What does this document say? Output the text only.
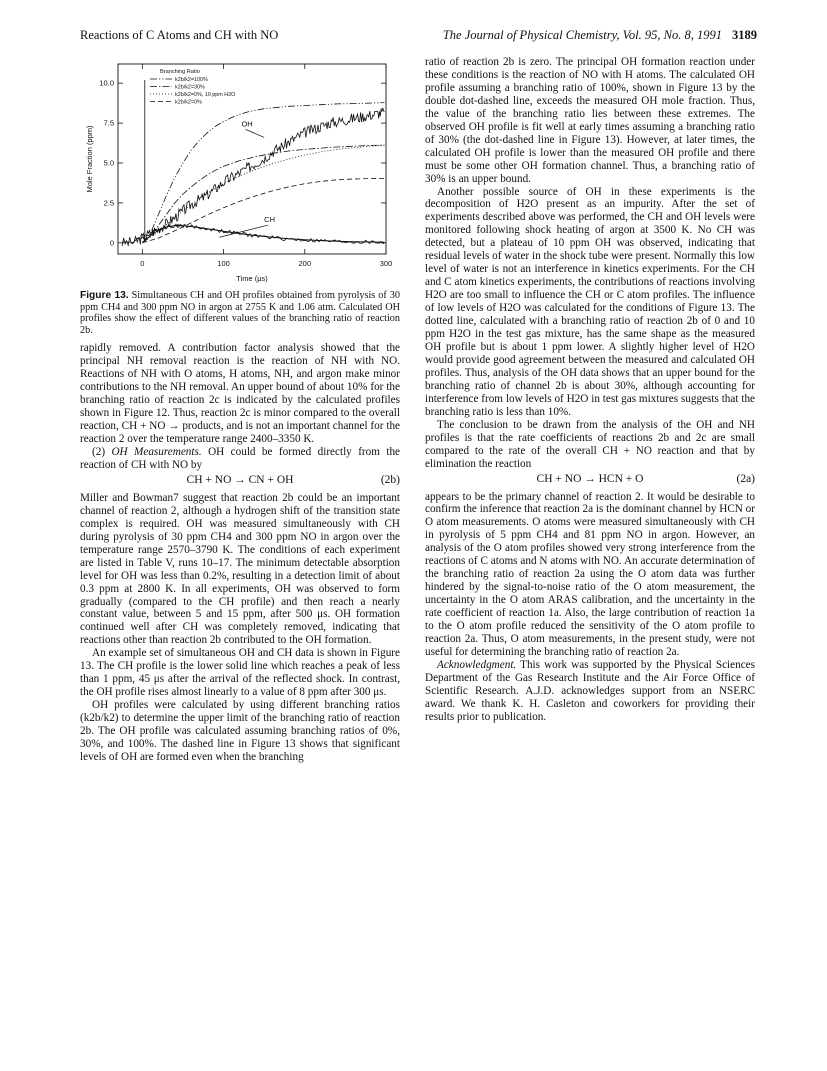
Reactions of C Atoms and CH with NO	The Journal of Physical Chemistry, Vol. 95, No. 8, 1991 3189
0	100	200	300
0
2.5
5.0
7.5
10.0
Time (μs)
Mole Fraction (ppm)
OH
CH
Branching Ratio
k2b/k2=100%
k2b/k2=30%
k2b/k2=0%, 10 ppm H2O
k2b/k2=0%
Figure 13. Simultaneous CH and OH profiles obtained from pyrolysis of 30 ppm CH4 and 300 ppm NO in argon at 2755 K and 1.06 atm. Calculated OH profiles show the effect of different values of the branching ratio of reaction 2b.

rapidly removed. A contribution factor analysis showed that the principal NH removal reaction is the reaction of NH with NO. Reactions of NH with O atoms, H atoms, NH, and argon make minor contributions to the NH removal. An upper bound of about 10% for the branching ratio of reaction 2c is indicated by the calculated profiles shown in Figure 12. Thus, reaction 2c is minor compared to the overall reaction, CH + NO → products, and is not an important channel for the reaction 2 over the temperature range 2400–3350 K.

(2) OH Measurements. OH could be formed directly from the reaction of CH with NO by

CH + NO → CN + OH	(2b)

Miller and Bowman7 suggest that reaction 2b could be an important channel of reaction 2, although a hydrogen shift of the transition state complex is required. OH was measured simultaneously with CH during pyrolysis of 30 ppm CH4 and 300 ppm NO in argon over the temperature range 2570–3790 K. The conditions of each experiment are listed in Table V, runs 10–17. The minimum detectable absorption level for OH was less than 0.2%, resulting in a detection limit of about 0.3 ppm at 2800 K. In all experiments, OH was observed to form gradually (compared to the CH profile) and then reach a nearly constant value, between 5 and 15 ppm, after 500 μs. OH formation continued well after CH was completely removed, indicating that reactions other than reaction 2b contributed to the OH formation.

An example set of simultaneous OH and CH data is shown in Figure 13. The CH profile is the lower solid line which reaches a peak of less than 1 ppm, 45 μs after the arrival of the reflected shock. In contrast, the OH profile rises almost linearly to a value of 8 ppm after 300 μs.

OH profiles were calculated by using different branching ratios (k2b/k2) to determine the upper limit of the branching ratio of reaction 2b. The OH profile was calculated assuming branching ratios of 0%, 30%, and 100%. The dashed line in Figure 13 shows that significant levels of OH are formed even when the branching

ratio of reaction 2b is zero. The principal OH formation reaction under these conditions is the reaction of NO with H atoms. The calculated OH profile assuming a branching ratio of 100%, shown in Figure 13 by the double dot-dashed line, exceeds the measured OH mole fraction. Thus, the value of the branching ratio lies between these extremes. The observed OH profile is fit well at early times assuming a branching ratio of 30% (the dot-dashed line in Figure 13). However, at later times, the calculated OH profile is lower than the measured OH profile and there must be some other OH formation channel. Thus, a branching ratio of 30% is an upper bound.

Another possible source of OH in these experiments is the decomposition of H2O present as an impurity. After the set of experiments described above was performed, the CH and OH levels were monitored following shock heating of argon at 3500 K. No CH was detected, but a plateau of 10 ppm OH was observed, indicating that residual levels of water in the shock tube were present. Normally this low level of water is not an interference in kinetics experiments. For the CH and C atom kinetics experiments, the contributions of reactions involving H2O are too small to influence the CH or C atom profiles. The influence of low levels of H2O was calculated for the conditions of Figure 13. The dotted line, calculated with a branching ratio of reaction 2b of 0 and 10 ppm H2O in the test gas mixture, has the same shape as the measured OH profile but is about 1 ppm lower. A slightly higher level of H2O would provide good agreement between the measured and calculated OH profiles. Thus, analysis of the OH data shows that an upper bound for the branching ratio of channel 2b is about 30%, although accounting for interference from low levels of H2O in test gas mixtures suggests that the branching ratio is less than 10%.

The conclusion to be drawn from the analysis of the OH and NH profiles is that the rate coefficients of reactions 2b and 2c are small compared to the rate of the overall CH + NO reaction and that by elimination the reaction

CH + NO → HCN + O	(2a)

appears to be the primary channel of reaction 2. It would be desirable to confirm the inference that reaction 2a is the dominant channel by HCN or O atom measurements. O atoms were measured simultaneously with CH in pyrolysis of 5 ppm CH4 and 81 ppm NO in argon. However, an analysis of the O atom profiles showed very strong interference from the reactions of C atoms and N atoms with NO. An accurate determination of the branching ratio of reaction 2a using the O atom data was further hindered by the signal-to-noise ratio of the O atom measurement, the uncertainty in the O atom ARAS calibration, and the uncertainty in the rate coefficient of reaction 1a. Also, the large contribution of reaction 1a to the O atom profile reduced the sensitivity of the O atom profile to reaction 2a. Thus, O atom measurements, in the present study, were not useful for determining the branching ratio of reaction 2a.

Acknowledgment. This work was supported by the Physical Sciences Department of the Gas Research Institute and the Air Force Office of Scientific Research. A.J.D. acknowledges support from an NSERC award. We thank K. H. Casleton and coworkers for providing their results prior to publication.
